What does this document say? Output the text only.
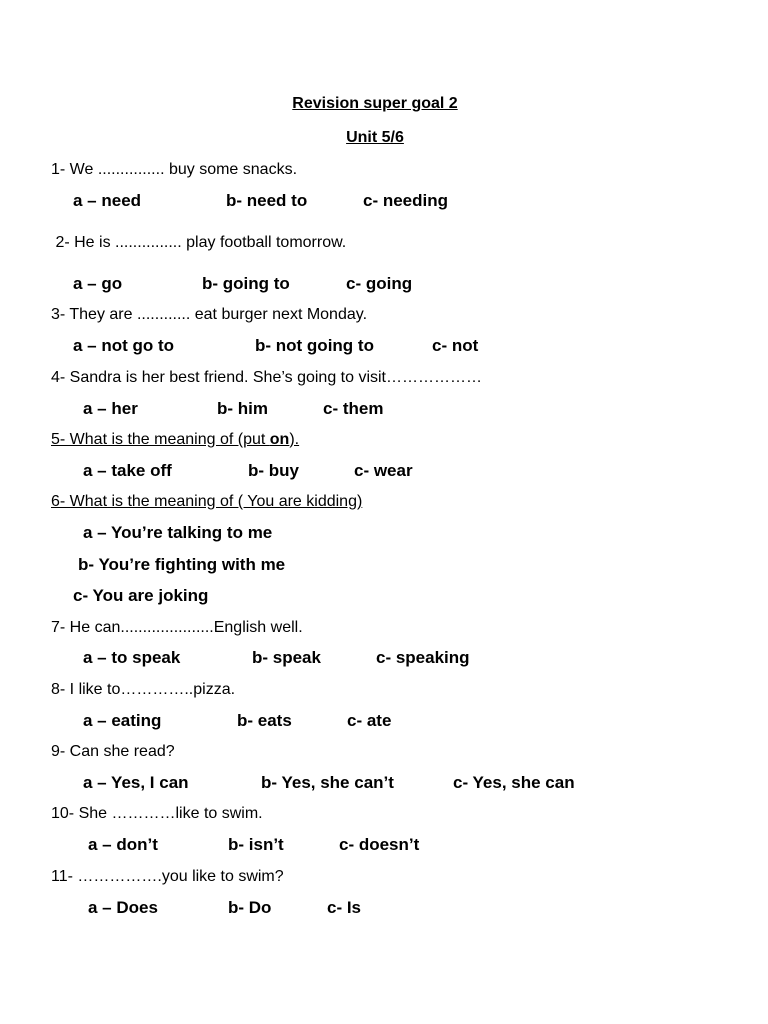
Revision super goal 2
Unit 5/6
1- We ............... buy some snacks.
a – need	b- need to	c- needing
2- He is ............... play football tomorrow.
a – go	b- going to	c- going
3- They are ............ eat burger next Monday.
a – not go to	b- not going to	c- not
4- Sandra is her best friend. She’s going to visit………………
a – her	b- him	c- them
5- What is the meaning of (put on).
a – take off	b- buy	c- wear
6- What is the meaning of ( You are kidding)
a – You’re talking to me
b- You’re fighting with me
c- You are joking
7- He can.....................English well.
a – to speak	b- speak	c- speaking
8- I like to…………..pizza.
a – eating	b- eats	c- ate
9- Can she read?
a – Yes, I can	b- Yes, she can’t	c- Yes, she can
10- She …………like to swim.
a – don’t	b- isn’t	c- doesn’t
11- …………….you like to swim?
a – Does	b- Do	c- Is
